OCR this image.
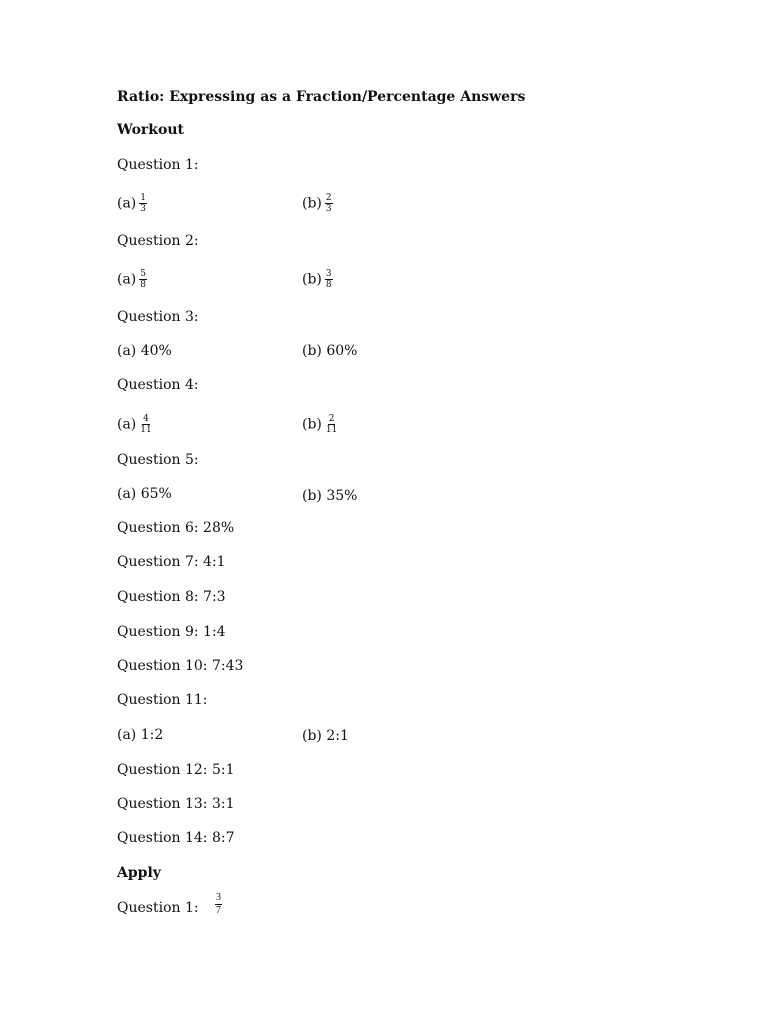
Ratio: Expressing as a Fraction/Percentage Answers
Workout
Question 1:
$(a) \frac{1}{3}$	$(b) \frac{2}{3}$
Question 2:
$(a) \frac{5}{8}$	$(b) \frac{3}{8}$
Question 3:
(a) 40%	(b) 60%
Question 4:
$(a) \frac{4}{11}$	$(b) \frac{2}{11}$
Question 5:
(a) 65%	(b) 35%
Question 6: 28%
Question 7: 4:1
Question 8: 7:3
Question 9: 1:4
Question 10: 7:43
Question 11:
(a) 1:2	(b) 2:1
Question 12: 5:1
Question 13: 3:1
Question 14: 8:7
Apply
Question 1: $\frac{3}{7}$
